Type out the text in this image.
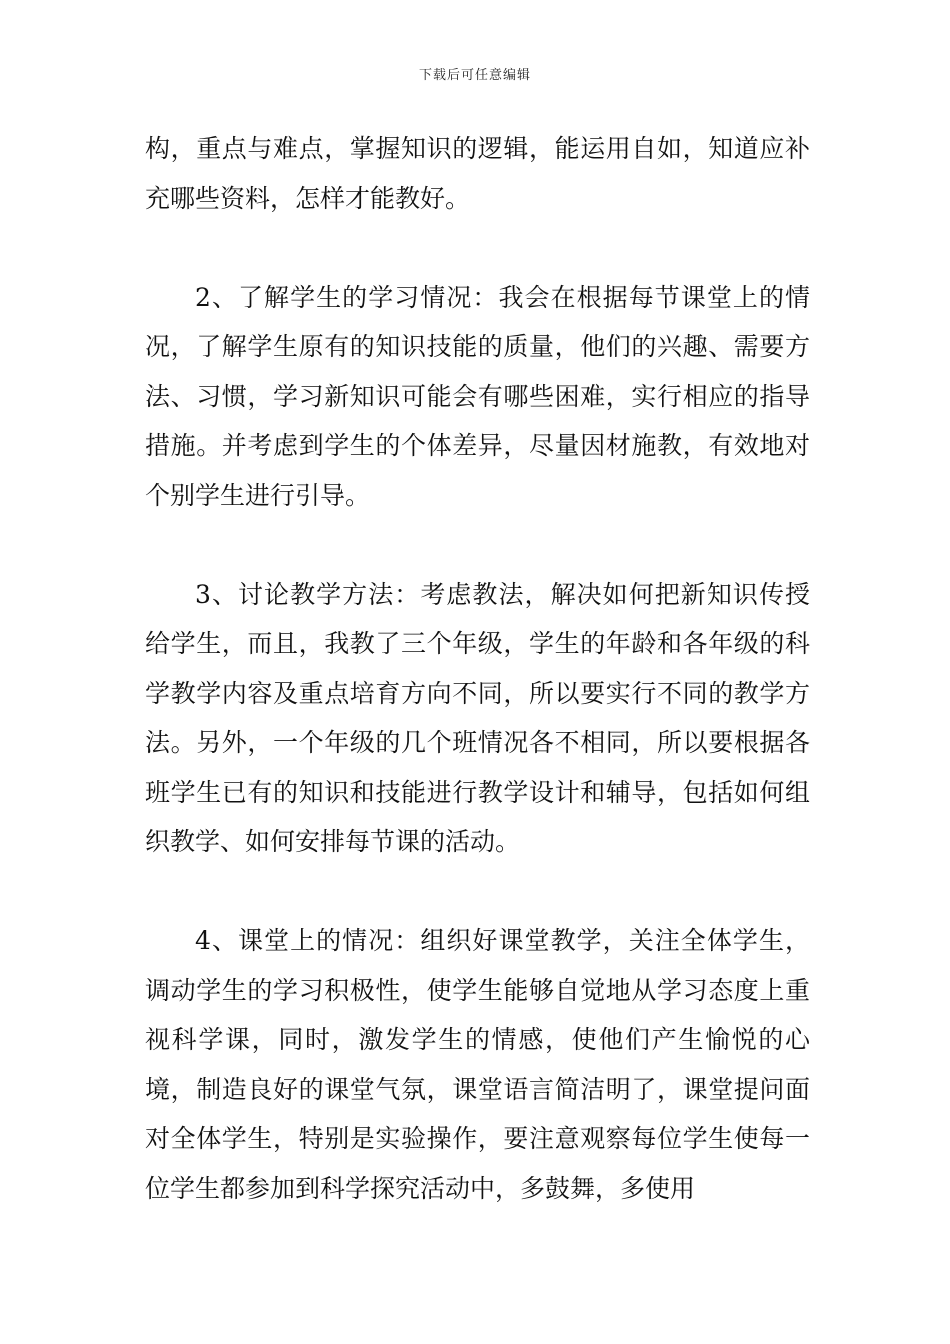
下载后可任意编辑

构，重点与难点，掌握知识的逻辑，能运用自如，知道应补充哪些资料，怎样才能教好。

2、了解学生的学习情况：我会在根据每节课堂上的情况，了解学生原有的知识技能的质量，他们的兴趣、需要方法、习惯，学习新知识可能会有哪些困难，实行相应的指导措施。并考虑到学生的个体差异，尽量因材施教，有效地对个别学生进行引导。

3、讨论教学方法：考虑教法，解决如何把新知识传授给学生，而且，我教了三个年级，学生的年龄和各年级的科学教学内容及重点培育方向不同，所以要实行不同的教学方法。另外，一个年级的几个班情况各不相同，所以要根据各班学生已有的知识和技能进行教学设计和辅导，包括如何组织教学、如何安排每节课的活动。

4、课堂上的情况：组织好课堂教学，关注全体学生，调动学生的学习积极性，使学生能够自觉地从学习态度上重视科学课，同时，激发学生的情感，使他们产生愉悦的心境，制造良好的课堂气氛，课堂语言简洁明了，课堂提问面对全体学生，特别是实验操作，要注意观察每位学生使每一位学生都参加到科学探究活动中，多鼓舞，多使用
